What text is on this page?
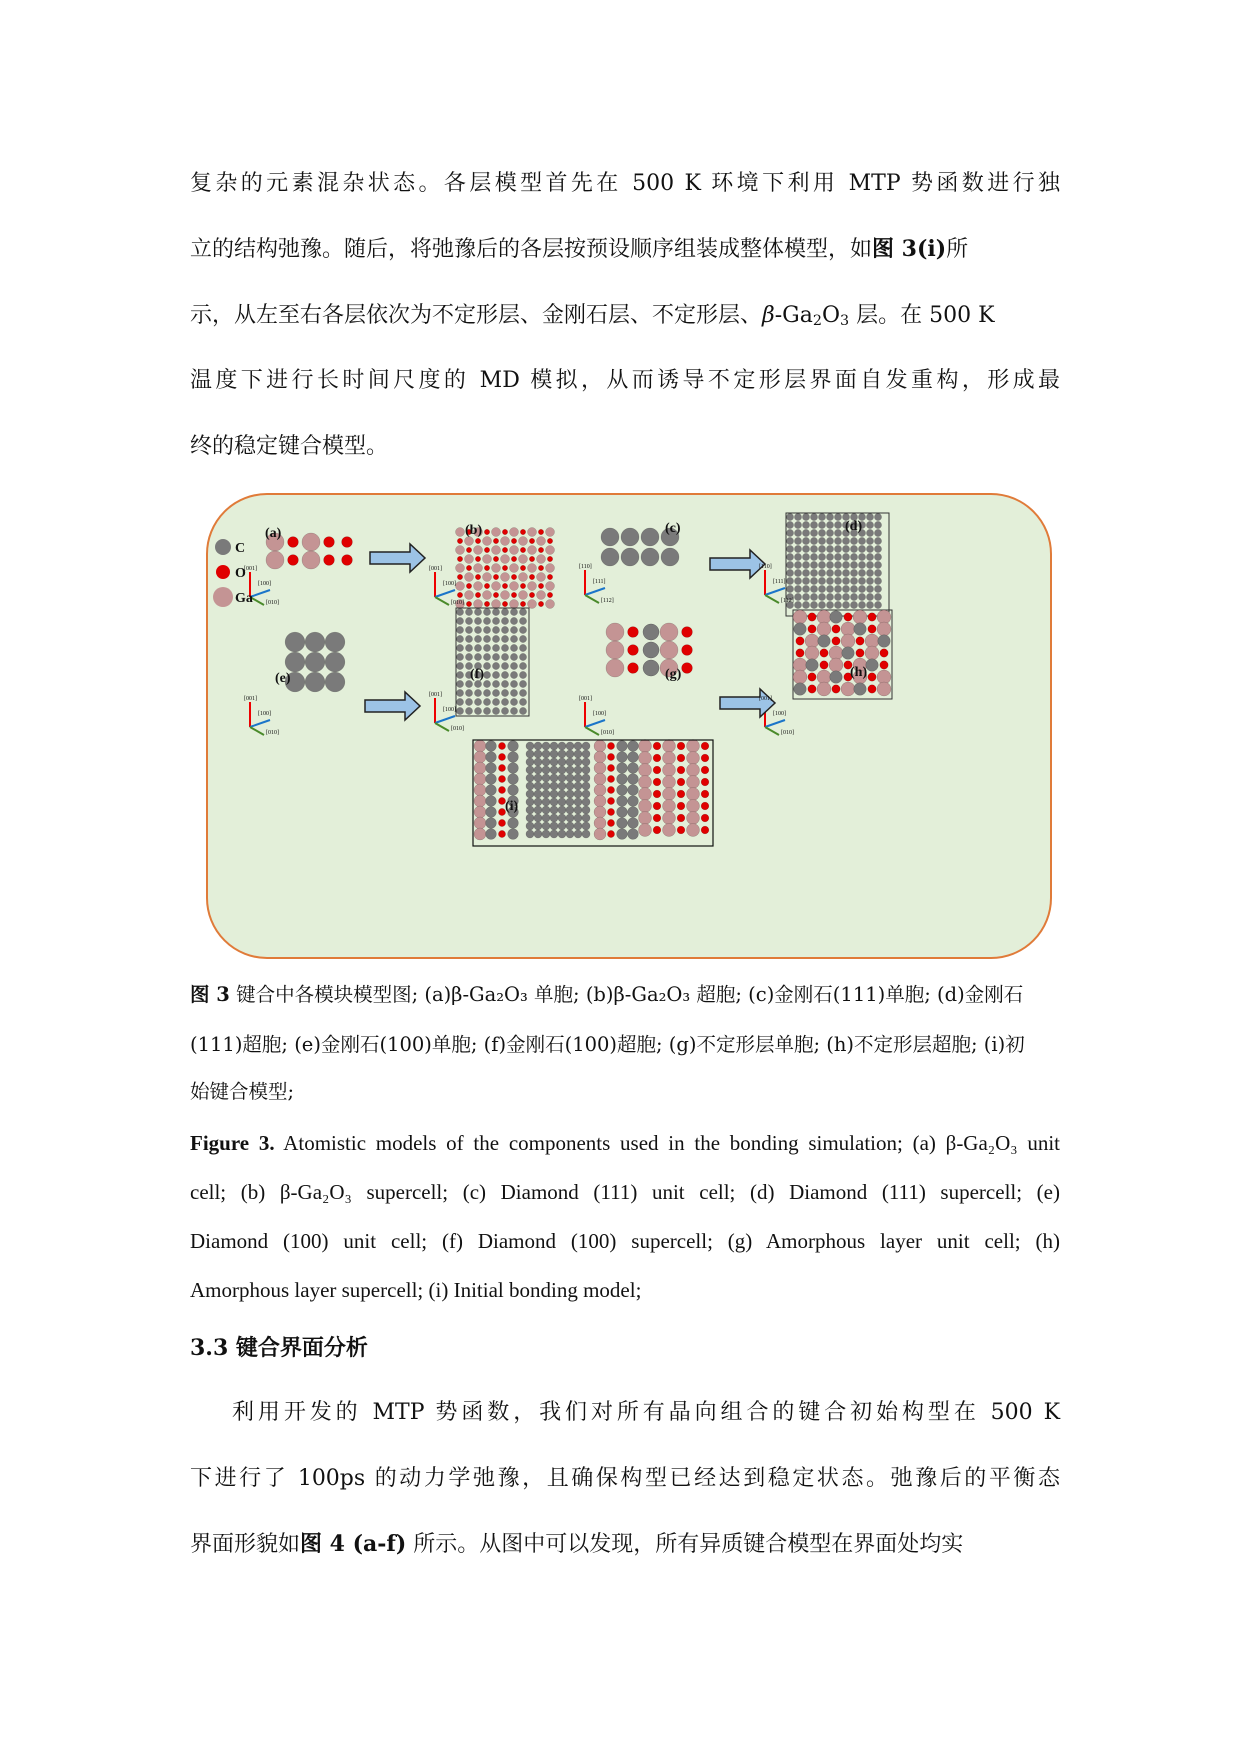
复杂的元素混杂状态。各层模型首先在 500 K 环境下利用 MTP 势函数进行独
立的结构弛豫。随后，将弛豫后的各层按预设顺序组装成整体模型，如图 3(i)所
示，从左至右各层依次为不定形层、金刚石层、不定形层、$\beta-Ga_2O_3$ 层。在 500 K
温度下进行长时间尺度的 MD 模拟，从而诱导不定形层界面自发重构，形成最
终的稳定键合模型。
C
O
Ga
(a)	(b)	(c)	(d)
(e)	(f)	(g)	(h)
(i)
[001]
[100]
[010]
[001]
[100]
[010]
[110]
[111]
[112]
[110]
[111]
[112]
[001]
[100]
[010]
[001]
[100]
[010]
[001]
[100]
[010]
[001]
[100]
[010]
图 3 键合中各模块模型图; (a)β-Ga₂O₃ 单胞; (b)β-Ga₂O₃ 超胞; (c)金刚石(111)单胞; (d)金刚石
(111)超胞; (e)金刚石(100)单胞; (f)金刚石(100)超胞; (g)不定形层单胞; (h)不定形层超胞; (i)初
始键合模型;
Figure 3. Atomistic models of the components used in the bonding simulation; (a) β-Ga₂O₃ unit
cell; (b) β-Ga₂O₃ supercell; (c) Diamond (111) unit cell; (d) Diamond (111) supercell; (e)
Diamond (100) unit cell; (f) Diamond (100) supercell; (g) Amorphous layer unit cell; (h)
Amorphous layer supercell; (i) Initial bonding model;
3.3 键合界面分析
利用开发的 MTP 势函数，我们对所有晶向组合的键合初始构型在 500 K
下进行了 100ps 的动力学弛豫，且确保构型已经达到稳定状态。弛豫后的平衡态
界面形貌如图 4 (a-f) 所示。从图中可以发现，所有异质键合模型在界面处均实
